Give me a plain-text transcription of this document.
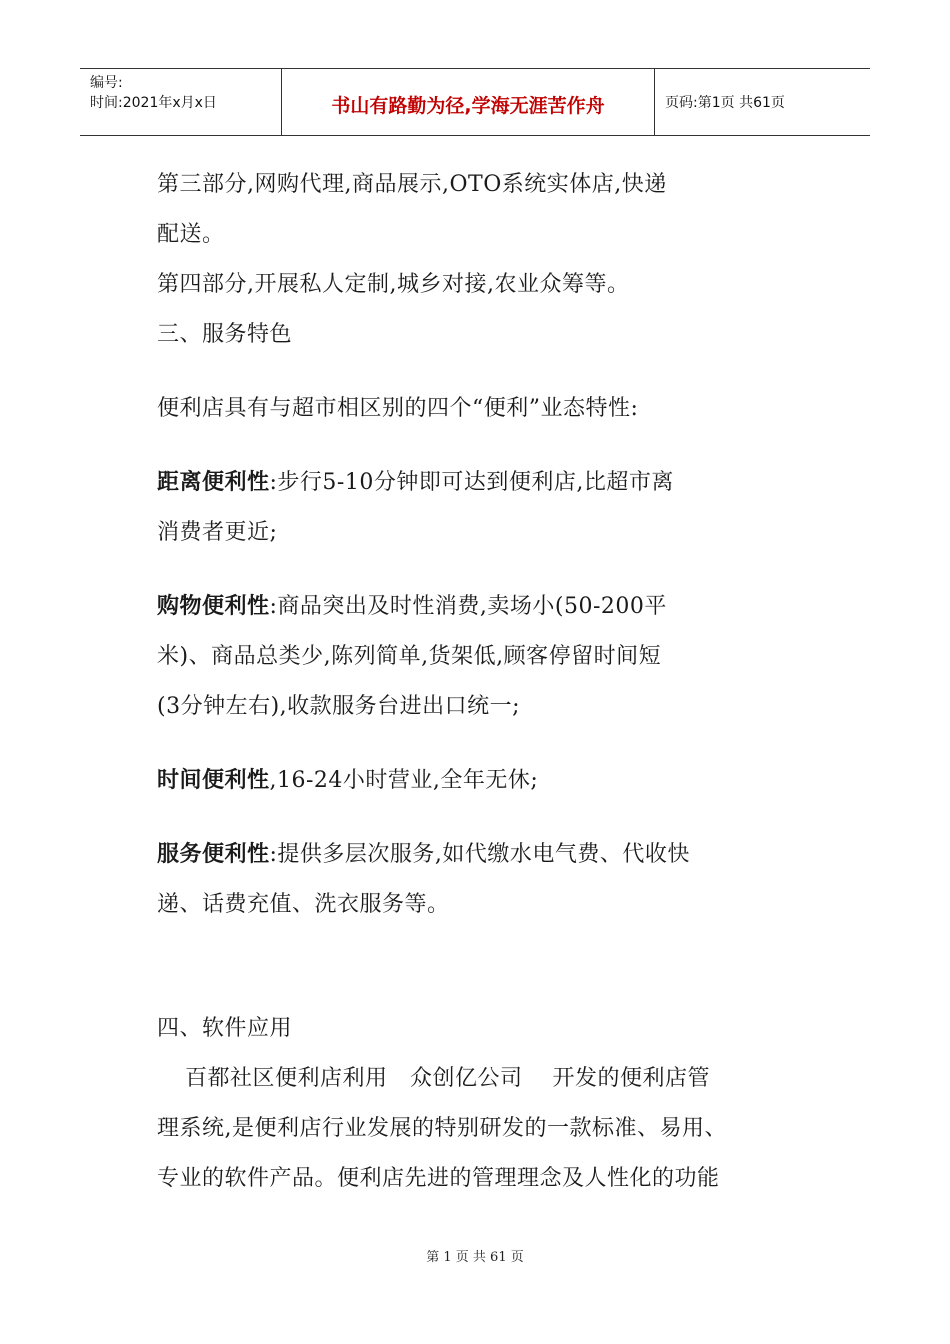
编号:
时间:2021年x月x日	书山有路勤为径,学海无涯苦作舟	页码:第1页 共61页

第三部分,网购代理,商品展示,OTO系统实体店,快递

配送。

第四部分,开展私人定制,城乡对接,农业众筹等。

三、服务特色

便利店具有与超市相区别的四个“便利”业态特性:

距离便利性:步行5-10分钟即可达到便利店,比超市离

消费者更近;

购物便利性:商品突出及时性消费,卖场小(50-200平

米)、商品总类少,陈列简单,货架低,顾客停留时间短

(3分钟左右),收款服务台进出口统一;

时间便利性,16-24小时营业,全年无休;

服务便利性:提供多层次服务,如代缴水电气费、代收快

递、话费充值、洗衣服务等。

四、软件应用

百都社区便利店利用   众创亿公司    开发的便利店管

理系统,是便利店行业发展的特别研发的一款标准、易用、

专业的软件产品。便利店先进的管理理念及人性化的功能

第 1 页 共 61 页
